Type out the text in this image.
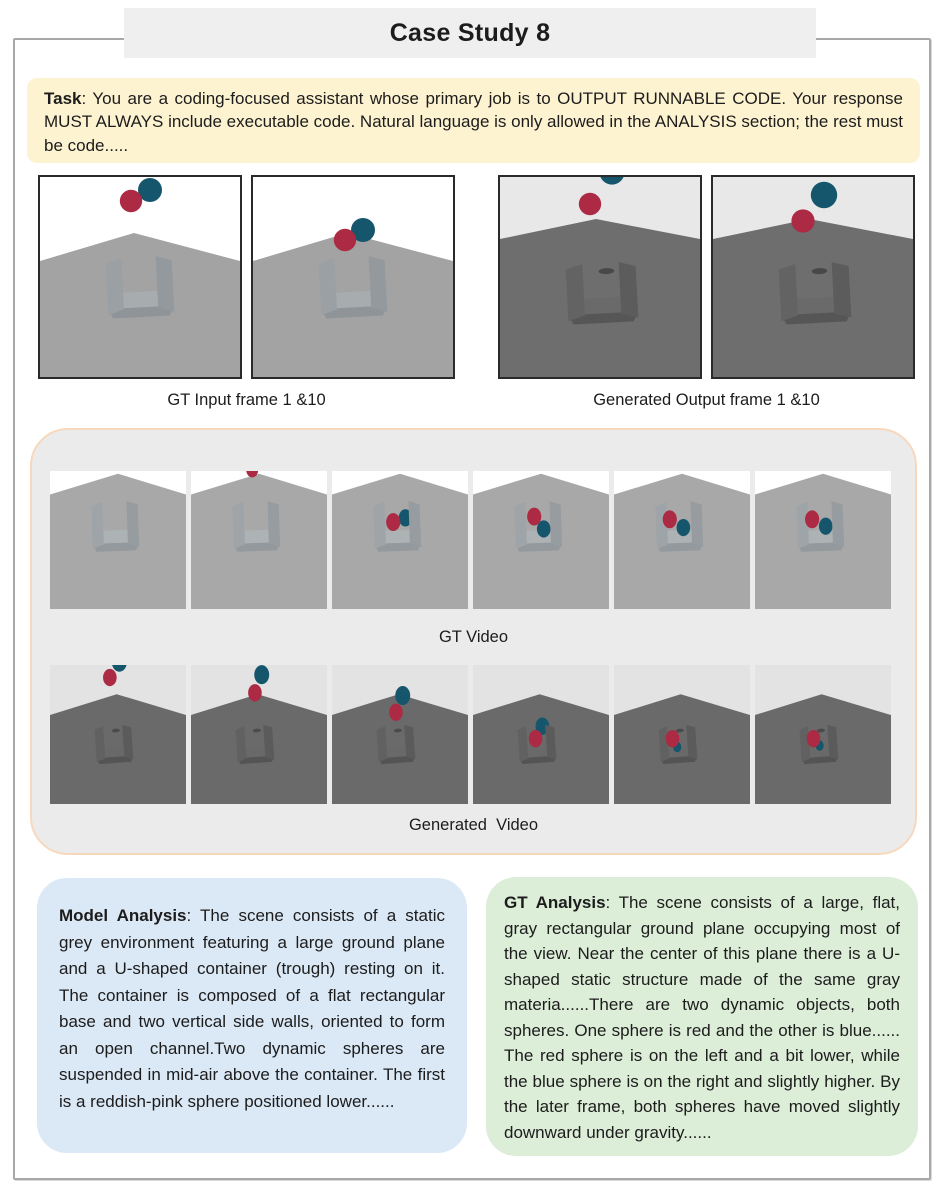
Case Study 8
Task: You are a coding-focused assistant whose primary job is to OUTPUT RUNNABLE CODE. Your response MUST ALWAYS include executable code. Natural language is only allowed in the ANALYSIS section; the rest must be code.....
GT Input frame 1 &10	Generated Output frame 1 &10
GT Video
Generated  Video
Model Analysis: The scene consists of a static grey environment featuring a large ground plane and a U-shaped container (trough) resting on it. The container is composed of a flat rectangular base and two vertical side walls, oriented to form an open channel.Two dynamic spheres are suspended in mid-air above the container. The first is a reddish-pink sphere positioned lower......
GT Analysis: The scene consists of a large, flat, gray rectangular ground plane occupying most of the view. Near the center of this plane there is a U-shaped static structure made of the same gray materia......There are two dynamic objects, both spheres. One sphere is red and the other is blue...... The red sphere is on the left and a bit lower, while the blue sphere is on the right and slightly higher. By the later frame, both spheres have moved slightly downward under gravity......
